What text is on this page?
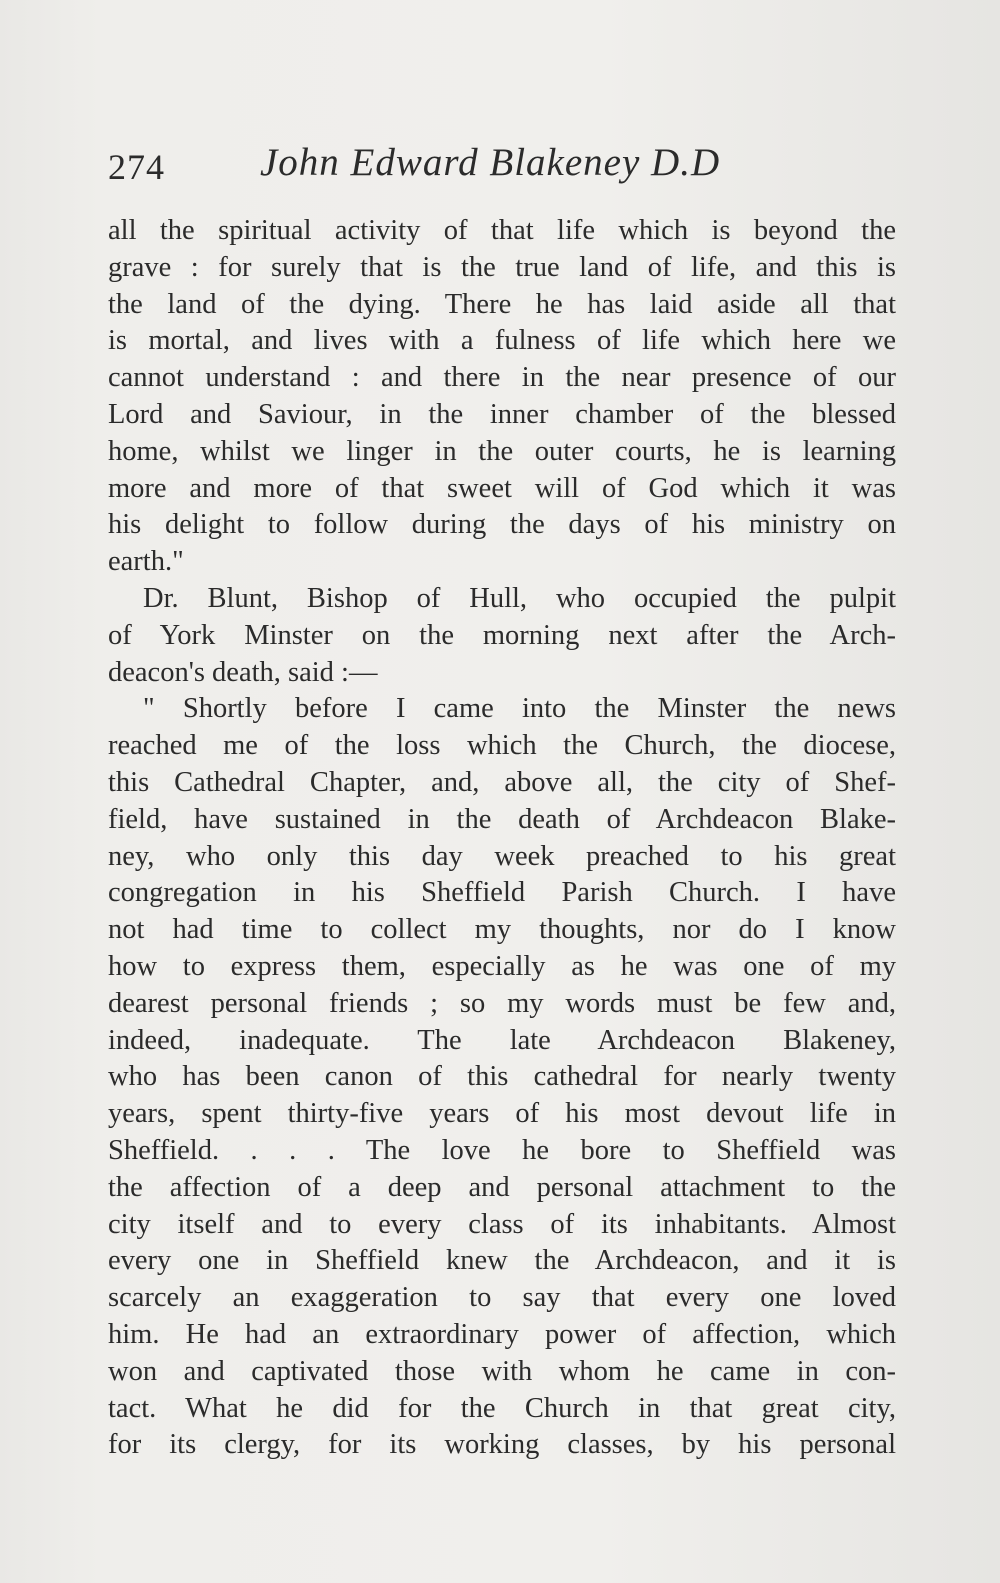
274 John Edward Blakeney D.D
all the spiritual activity of that life which is beyond the
grave : for surely that is the true land of life, and this is
the land of the dying. There he has laid aside all that
is mortal, and lives with a fulness of life which here we
cannot understand : and there in the near presence of our
Lord and Saviour, in the inner chamber of the blessed
home, whilst we linger in the outer courts, he is learning
more and more of that sweet will of God which it was
his delight to follow during the days of his ministry on
earth."
Dr. Blunt, Bishop of Hull, who occupied the pulpit
of York Minster on the morning next after the Arch-
deacon's death, said :—
" Shortly before I came into the Minster the news
reached me of the loss which the Church, the diocese,
this Cathedral Chapter, and, above all, the city of Shef-
field, have sustained in the death of Archdeacon Blake-
ney, who only this day week preached to his great
congregation in his Sheffield Parish Church. I have
not had time to collect my thoughts, nor do I know
how to express them, especially as he was one of my
dearest personal friends ; so my words must be few and,
indeed, inadequate. The late Archdeacon Blakeney,
who has been canon of this cathedral for nearly twenty
years, spent thirty-five years of his most devout life in
Sheffield. . . . The love he bore to Sheffield was
the affection of a deep and personal attachment to the
city itself and to every class of its inhabitants. Almost
every one in Sheffield knew the Archdeacon, and it is
scarcely an exaggeration to say that every one loved
him. He had an extraordinary power of affection, which
won and captivated those with whom he came in con-
tact. What he did for the Church in that great city,
for its clergy, for its working classes, by his personal
